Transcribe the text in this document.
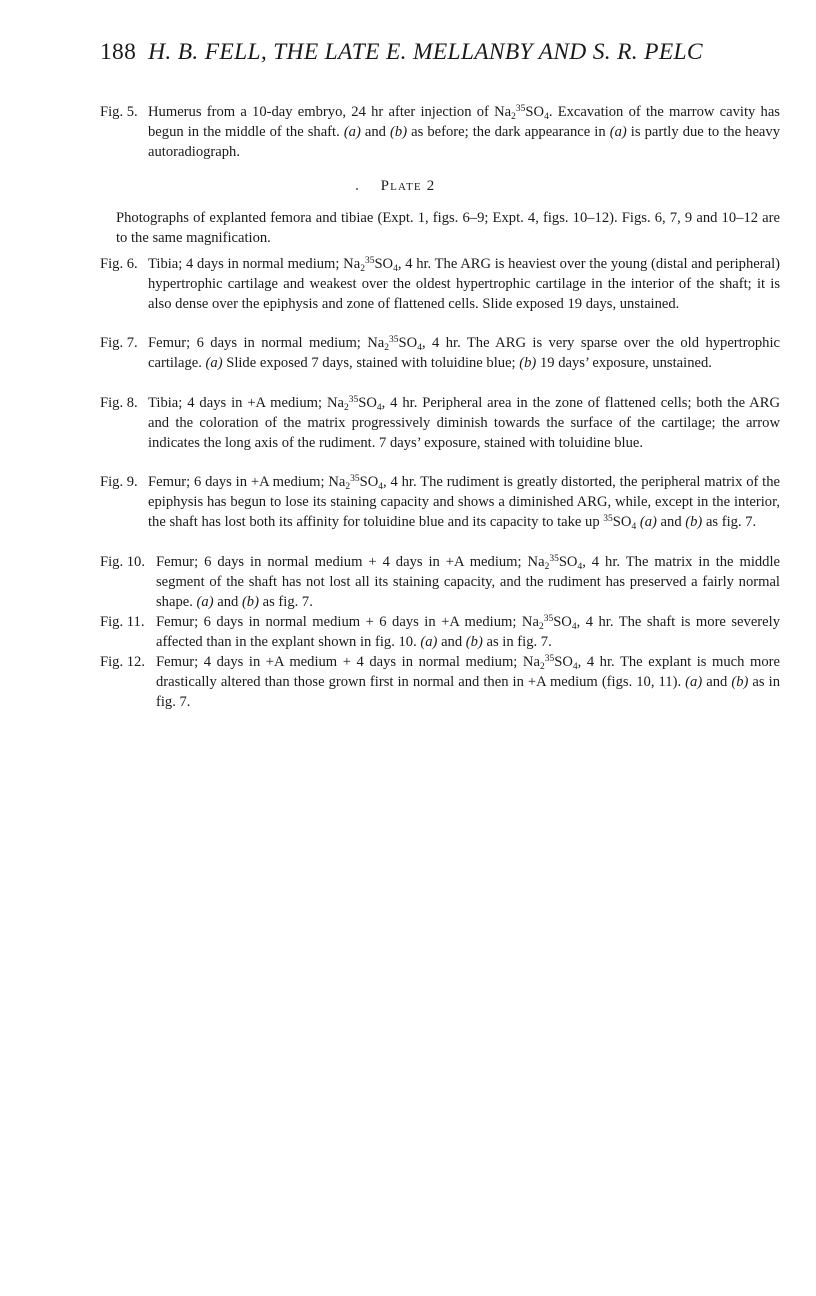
188 H. B. FELL, THE LATE E. MELLANBY AND S. R. PELC
Fig. 5. Humerus from a 10-day embryo, 24 hr after injection of $Na_2^{35}SO_4$. Excavation of the marrow cavity has begun in the middle of the shaft. (a) and (b) as before; the dark appearance in (a) is partly due to the heavy autoradiograph.
Plate 2
Photographs of explanted femora and tibiae (Expt. 1, figs. 6–9; Expt. 4, figs. 10–12). Figs. 6, 7, 9 and 10–12 are to the same magnification.
Fig. 6. Tibia; 4 days in normal medium; $Na_2^{35}SO_4$, 4 hr. The ARG is heaviest over the young (distal and peripheral) hypertrophic cartilage and weakest over the oldest hypertrophic cartilage in the interior of the shaft; it is also dense over the epiphysis and zone of flattened cells. Slide exposed 19 days, unstained.
Fig. 7. Femur; 6 days in normal medium; $Na_2^{35}SO_4$, 4 hr. The ARG is very sparse over the old hypertrophic cartilage. (a) Slide exposed 7 days, stained with toluidine blue; (b) 19 days’ exposure, unstained.
Fig. 8. Tibia; 4 days in +A medium; $Na_2^{35}SO_4$, 4 hr. Peripheral area in the zone of flattened cells; both the ARG and the coloration of the matrix progressively diminish towards the surface of the cartilage; the arrow indicates the long axis of the rudiment. 7 days’ exposure, stained with toluidine blue.
Fig. 9. Femur; 6 days in +A medium; $Na_2^{35}SO_4$, 4 hr. The rudiment is greatly distorted, the peripheral matrix of the epiphysis has begun to lose its staining capacity and shows a diminished ARG, while, except in the interior, the shaft has lost both its affinity for toluidine blue and its capacity to take up $^{35}SO_4$ (a) and (b) as fig. 7.
Fig. 10. Femur; 6 days in normal medium + 4 days in +A medium; $Na_2^{35}SO_4$, 4 hr. The matrix in the middle segment of the shaft has not lost all its staining capacity, and the rudiment has preserved a fairly normal shape. (a) and (b) as fig. 7.
Fig. 11. Femur; 6 days in normal medium + 6 days in +A medium; $Na_2^{35}SO_4$, 4 hr. The shaft is more severely affected than in the explant shown in fig. 10. (a) and (b) as in fig. 7.
Fig. 12. Femur; 4 days in +A medium + 4 days in normal medium; $Na_2^{35}SO_4$, 4 hr. The explant is much more drastically altered than those grown first in normal and then in +A medium (figs. 10, 11). (a) and (b) as in fig. 7.
